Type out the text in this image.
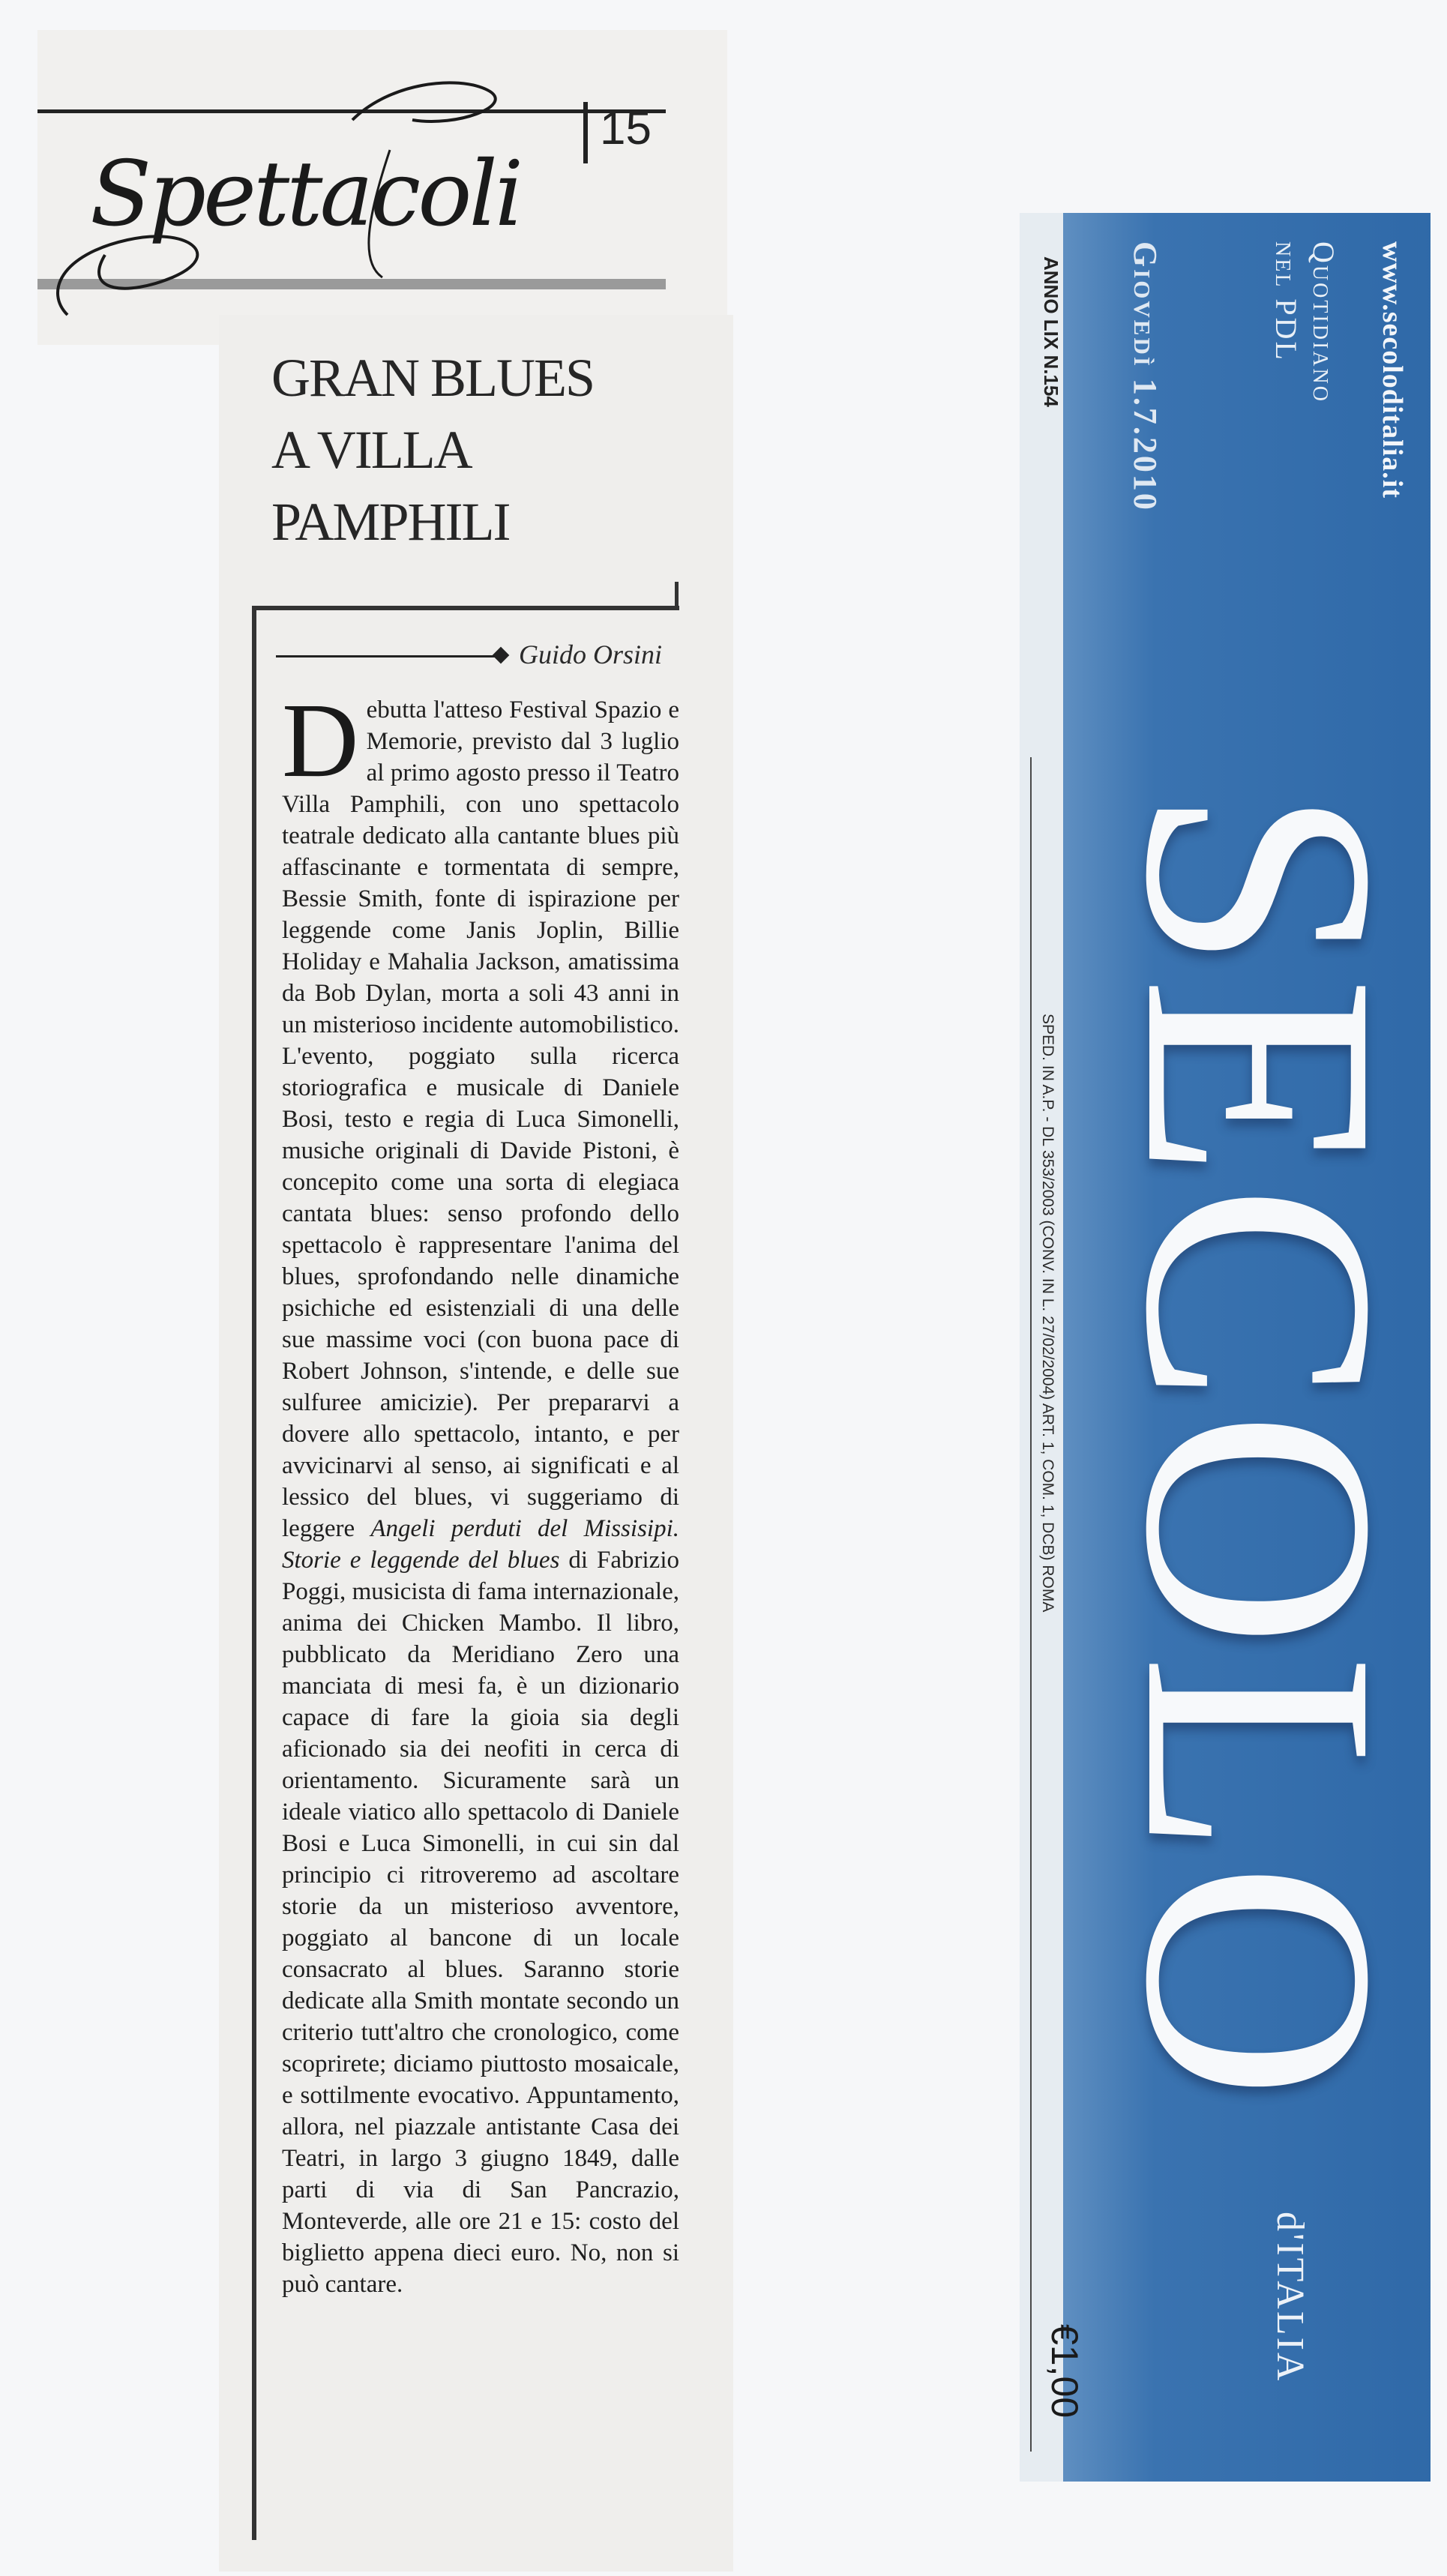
Spettacoli
15
GRAN BLUES
A VILLA
PAMPHILI
Guido Orsini
Debutta l'atteso Festival Spazio e Memorie, previsto dal 3 luglio al primo agosto presso il Teatro Villa Pamphili, con uno spettacolo teatrale dedicato alla cantante blues più affascinante e tormentata di sempre, Bessie Smith, fonte di ispirazione per leggende come Janis Joplin, Billie Holiday e Mahalia Jackson, amatissima da Bob Dylan, morta a soli 43 anni in un misterioso incidente automobilistico. L'evento, poggiato sulla ricerca storiografica e musicale di Daniele Bosi, testo e regia di Luca Simonelli, musiche originali di Davide Pistoni, è concepito come una sorta di elegiaca cantata blues: senso profondo dello spettacolo è rappresentare l'anima del blues, sprofondando nelle dinamiche psichiche ed esistenziali di una delle sue massime voci (con buona pace di Robert Johnson, s'intende, e delle sue sulfuree amicizie). Per prepararvi a dovere allo spettacolo, intanto, e per avvicinarvi al senso, ai significati e al lessico del blues, vi suggeriamo di leggere Angeli perduti del Missisipi. Storie e leggende del blues di Fabrizio Poggi, musicista di fama internazionale, anima dei Chicken Mambo. Il libro, pubblicato da Meridiano Zero una manciata di mesi fa, è un dizionario capace di fare la gioia sia degli aficionado sia dei neofiti in cerca di orientamento. Sicuramente sarà un ideale viatico allo spettacolo di Daniele Bosi e Luca Simonelli, in cui sin dal principio ci ritroveremo ad ascoltare storie da un misterioso avventore, poggiato al bancone di un locale consacrato al blues. Saranno storie dedicate alla Smith montate secondo un criterio tutt'altro che cronologico, come scoprirete; diciamo piuttosto mosaicale, e sottilmente evocativo. Appuntamento, allora, nel piazzale antistante Casa dei Teatri, in largo 3 giugno 1849, dalle parti di via di San Pancrazio, Monteverde, alle ore 21 e 15: costo del biglietto appena dieci euro. No, non si può cantare.
www.secoloditalia.it
Quotidiano
nel PDL
Giovedì 1.7.2010
ANNO LIX N.154
SPED. IN A.P. - DL 353/2003 (CONV. IN L. 27/02/2004) ART. 1, COM. 1, DCB) ROMA SECOLO
d'ITALIA
€1,00
